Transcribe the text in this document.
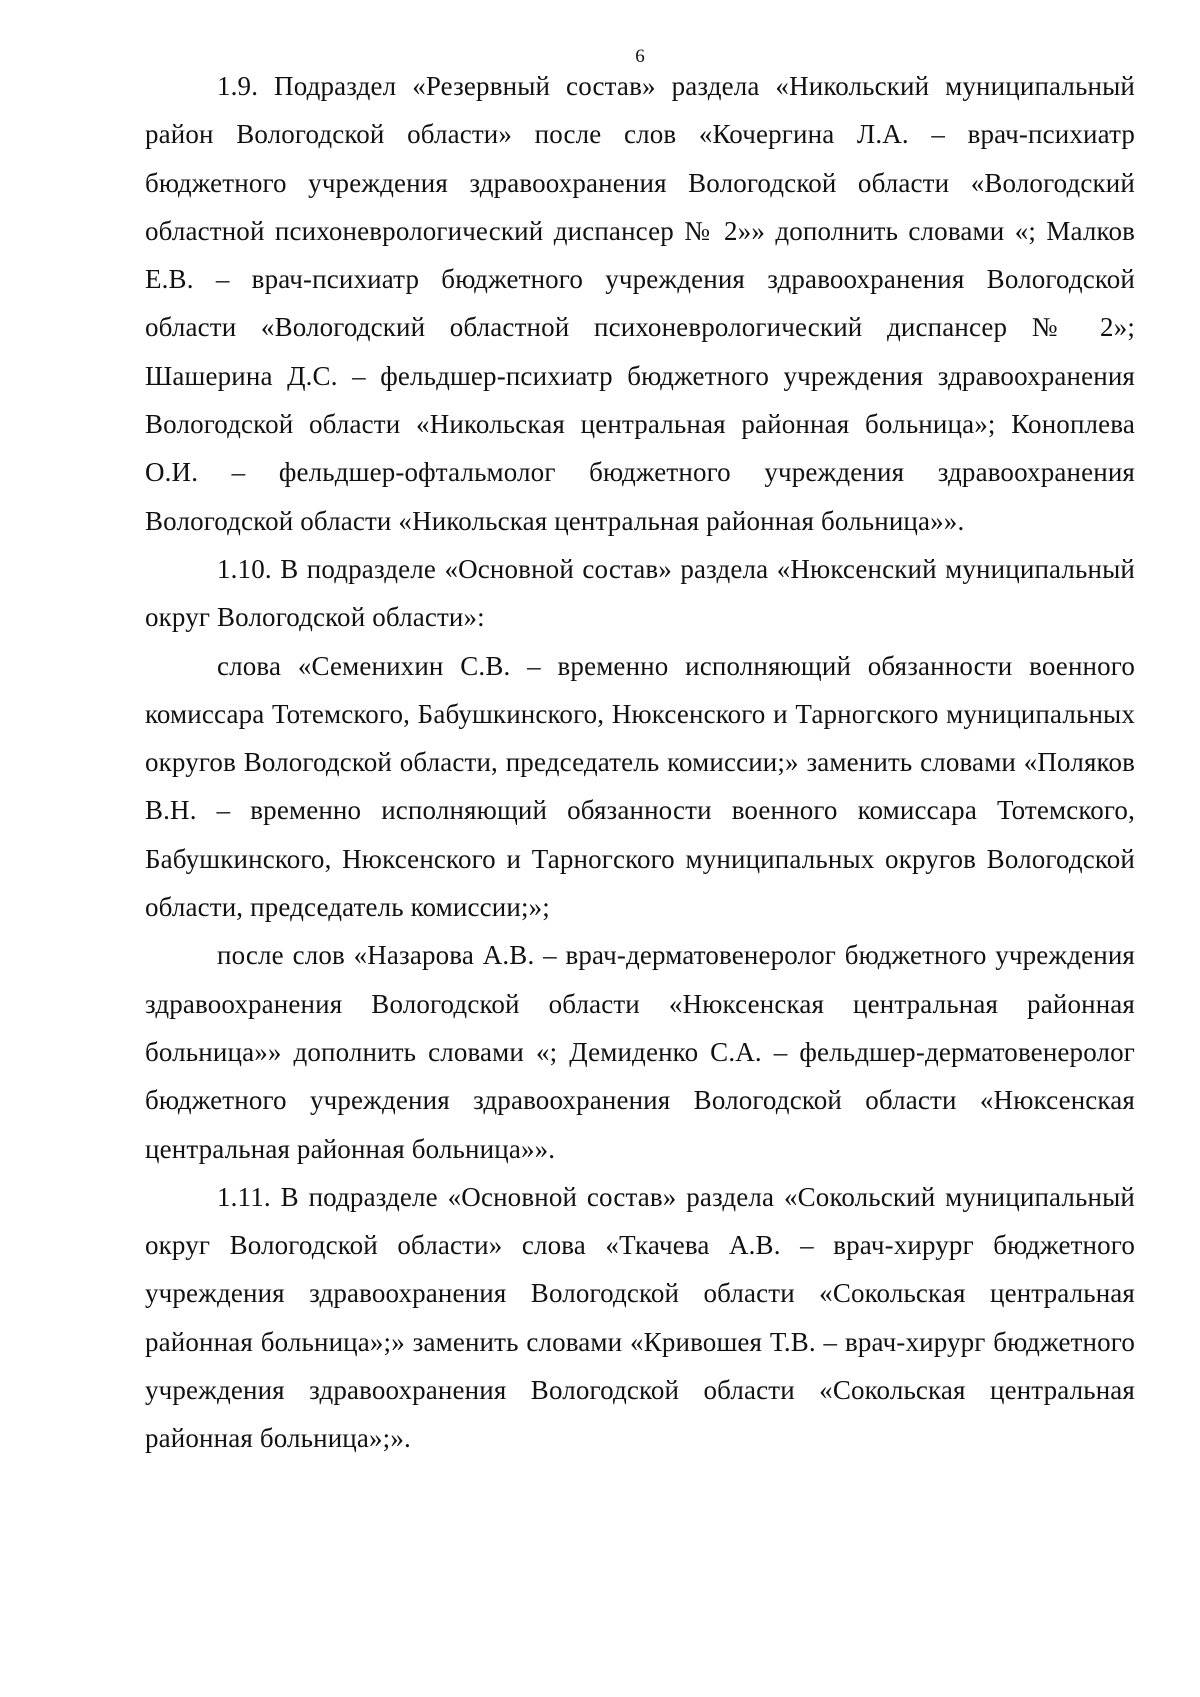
6

1.9. Подраздел «Резервный состав» раздела «Никольский муниципальный район Вологодской области» после слов «Кочергина Л.А. – врач-психиатр бюджетного учреждения здравоохранения Вологодской области «Вологодский областной психоневрологический диспансер № 2»» дополнить словами «; Малков Е.В. – врач-психиатр бюджетного учреждения здравоохранения Вологодской области «Вологодский областной психоневрологический диспансер № 2»; Шашерина Д.С. – фельдшер-психиатр бюджетного учреждения здравоохранения Вологодской области «Никольская центральная районная больница»; Коноплева О.И. – фельдшер-офтальмолог бюджетного учреждения здравоохранения Вологодской области «Никольская центральная районная больница»».

1.10. В подразделе «Основной состав» раздела «Нюксенский муниципальный округ Вологодской области»:

слова «Семенихин С.В. – временно исполняющий обязанности военного комиссара Тотемского, Бабушкинского, Нюксенского и Тарногского муниципальных округов Вологодской области, председатель комиссии;» заменить словами «Поляков В.Н. – временно исполняющий обязанности военного комиссара Тотемского, Бабушкинского, Нюксенского и Тарногского муниципальных округов Вологодской области, председатель комиссии;»;

после слов «Назарова А.В. – врач-дерматовенеролог бюджетного учреждения здравоохранения Вологодской области «Нюксенская центральная районная больница»» дополнить словами «; Демиденко С.А. – фельдшер-дерматовенеролог бюджетного учреждения здравоохранения Вологодской области «Нюксенская центральная районная больница»».

1.11. В подразделе «Основной состав» раздела «Сокольский муниципальный округ Вологодской области» слова «Ткачева А.В. – врач-хирург бюджетного учреждения здравоохранения Вологодской области «Сокольская центральная районная больница»;» заменить словами «Кривошея Т.В. – врач-хирург бюджетного учреждения здравоохранения Вологодской области «Сокольская центральная районная больница»;».
